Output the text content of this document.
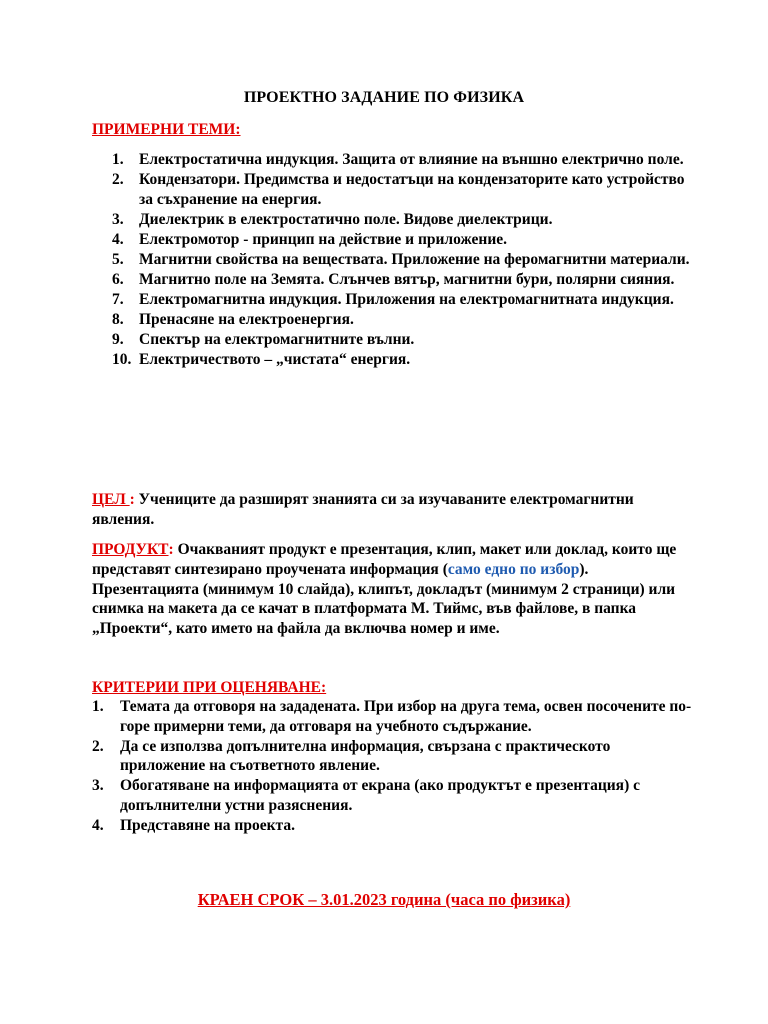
ПРОЕКТНО ЗАДАНИЕ ПО ФИЗИКА
ПРИМЕРНИ ТЕМИ:
1. Електростатична индукция. Защита от влияние на външно електрично поле.
2. Кондензатори. Предимства и недостатъци на кондензаторите като устройство за съхранение на енергия.
3. Диелектрик в електростатично поле. Видове диелектрици.
4. Електромотор - принцип на действие и приложение.
5. Магнитни свойства на веществата. Приложение на феромагнитни материали.
6. Магнитно поле на Земята. Слънчев вятър, магнитни бури, полярни сияния.
7. Електромагнитна индукция. Приложения на електромагнитната индукция.
8. Пренасяне на електроенергия.
9. Спектър на електромагнитните вълни.
10. Електричеството – „чистата“ енергия.
ЦЕЛ : Учениците да разширят знанията си за изучаваните електромагнитни явления.
ПРОДУКТ: Очакваният продукт е презентация, клип, макет или доклад, които ще представят синтезирано проучената информация (само едно по избор). Презентацията (минимум 10 слайда), клипът, докладът (минимум 2 страници) или снимка на макета да се качат в платформата М. Тиймс, във файлове, в папка „Проекти“, като името на файла да включва номер и име.
КРИТЕРИИ ПРИ ОЦЕНЯВАНЕ:
1. Темата да отговоря на зададената. При избор на друга тема, освен посочените по-горе примерни теми, да отговаря на учебното съдържание.
2. Да се използва допълнителна информация, свързана с практическото приложение на съответното явление.
3. Обогатяване на информацията от екрана (ако продуктът е презентация) с допълнителни устни разяснения.
4. Представяне на проекта.
КРАЕН СРОК – 3.01.2023 година (часа по физика)
